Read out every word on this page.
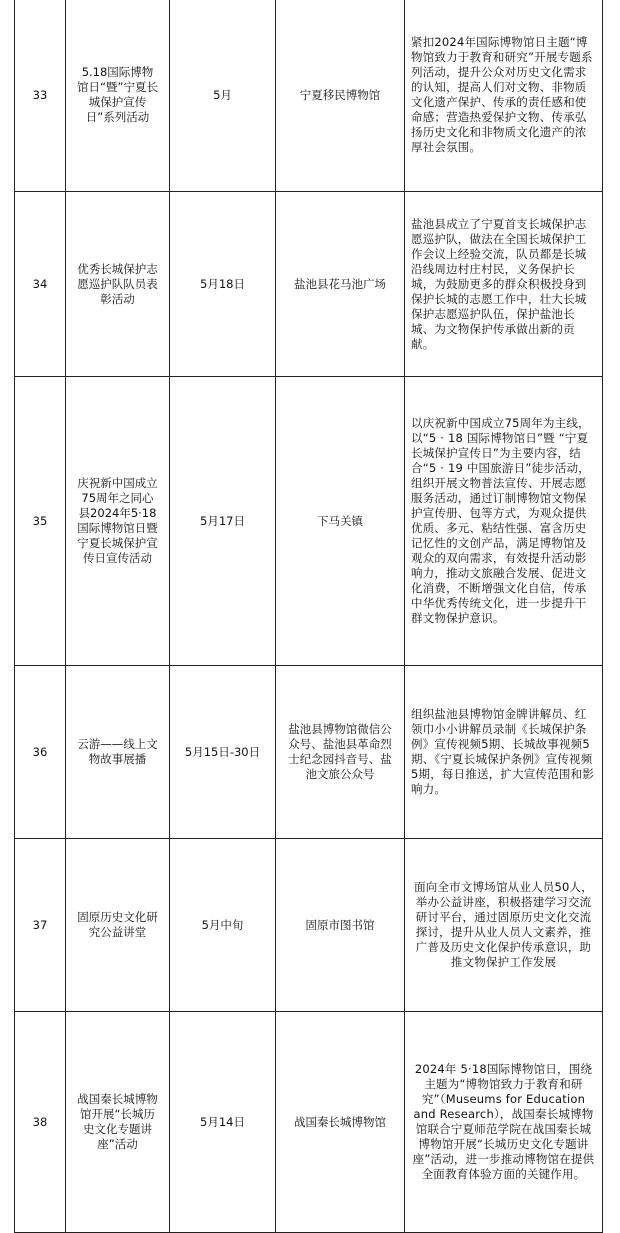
33	5.18国际博物馆日“暨”宁夏长城保护宣传日”系列活动	5月	宁夏移民博物馆	紧扣2024年国际博物馆日主题“博物馆致力于教育和研究”开展专题系列活动，提升公众对历史文化需求的认知，提高人们对文物、非物质文化遗产保护、传承的责任感和使命感；营造热爱保护文物、传承弘扬历史文化和非物质文化遗产的浓厚社会氛围。
34	优秀长城保护志愿巡护队队员表彰活动	5月18日	盐池县花马池广场	盐池县成立了宁夏首支长城保护志愿巡护队，做法在全国长城保护工作会议上经验交流，队员都是长城沿线周边村庄村民，义务保护长城，为鼓励更多的群众积极投身到保护长城的志愿工作中，壮大长城保护志愿巡护队伍，保护盐池长城、为文物保护传承做出新的贡献。
35	庆祝新中国成立75周年之同心县2024年5·18国际博物馆日暨宁夏长城保护宣传日宣传活动	5月17日	下马关镇	以庆祝新中国成立75周年为主线，以“5 · 18 国际博物馆日”暨 “宁夏长城保护宣传日”为主要内容，结合“5 · 19 中国旅游日”徒步活动，组织开展文物普法宣传、开展志愿服务活动，通过订制博物馆文物保护宣传册、包等方式，为观众提供优质、多元、粘结性强、富含历史记忆性的文创产品，满足博物馆及观众的双向需求，有效提升活动影响力，推动文旅融合发展、促进文化消费，不断增强文化自信，传承中华优秀传统文化，进一步提升干群文物保护意识。
36	云游——线上文物故事展播	5月15日-30日	盐池县博物馆微信公众号、盐池县革命烈士纪念园抖音号、盐池文旅公众号	组织盐池县博物馆金牌讲解员、红领巾小小讲解员录制《长城保护条例》宣传视频5期、长城故事视频5期、《宁夏长城保护条例》宣传视频5期，每日推送，扩大宣传范围和影响力。
37	固原历史文化研究公益讲堂	5月中旬	固原市图书馆	面向全市文博场馆从业人员50人，举办公益讲座，积极搭建学习交流研讨平台，通过固原历史文化交流探讨，提升从业人员人文素养，推广普及历史文化保护传承意识，助推文物保护工作发展
38	战国秦长城博物馆开展“长城历史文化专题讲座”活动	5月14日	战国秦长城博物馆	2024年 5·18国际博物馆日，围绕主题为“博物馆致力于教育和研究”（Museums for Education and Research），战国秦长城博物馆联合宁夏师范学院在战国秦长城博物馆开展“长城历史文化专题讲座”活动，进一步推动博物馆在提供全面教育体验方面的关键作用。
